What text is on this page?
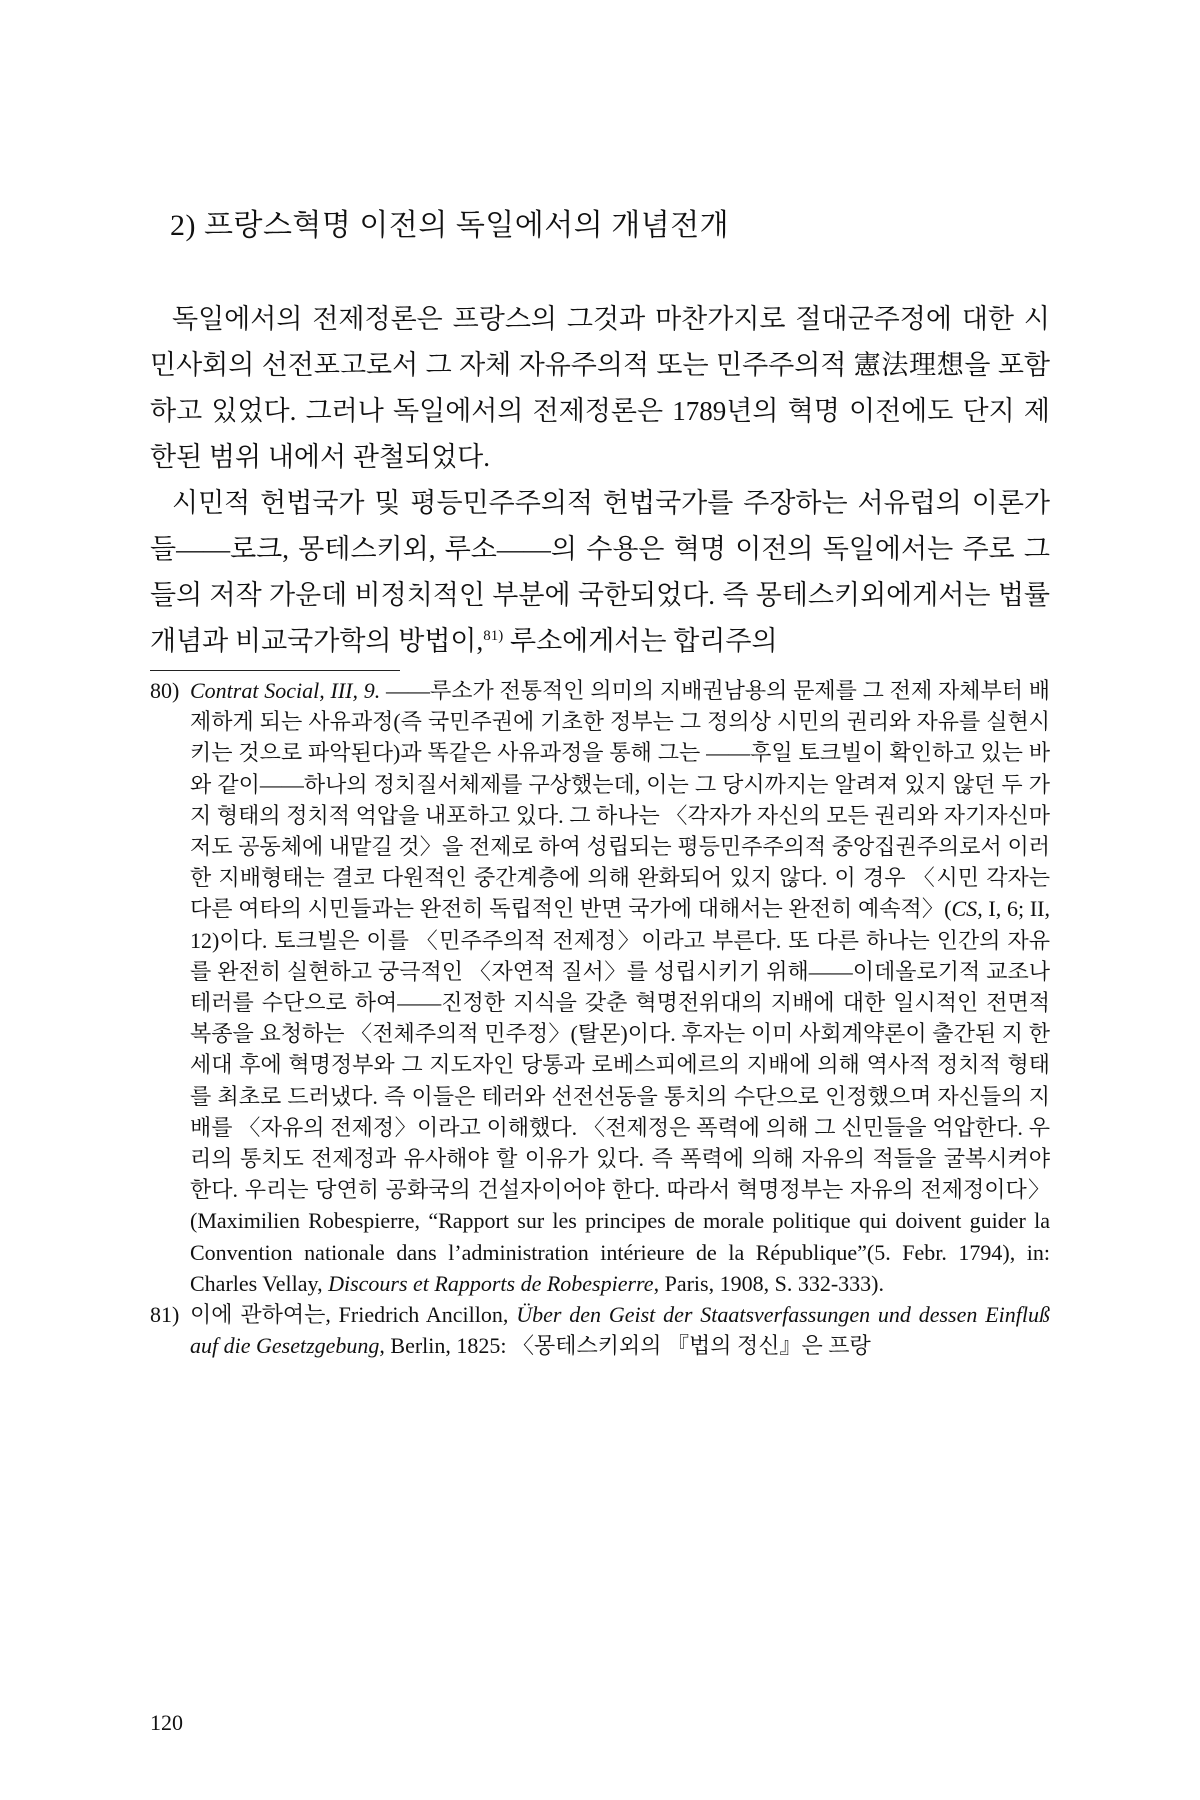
2) 프랑스혁명 이전의 독일에서의 개념전개

독일에서의 전제정론은 프랑스의 그것과 마찬가지로 절대군주정에 대한 시민사회의 선전포고로서 그 자체 자유주의적 또는 민주주의적 憲法理想을 포함하고 있었다. 그러나 독일에서의 전제정론은 1789년의 혁명 이전에도 단지 제한된 범위 내에서 관철되었다.

시민적 헌법국가 및 평등민주주의적 헌법국가를 주장하는 서유럽의 이론가들――로크, 몽테스키외, 루소――의 수용은 혁명 이전의 독일에서는 주로 그들의 저작 가운데 비정치적인 부분에 국한되었다. 즉 몽테스키외에게서는 법률개념과 비교국가학의 방법이,$^{81)}$ 루소에게서는 합리주의

80) Contrat Social, III, 9. ――루소가 전통적인 의미의 지배권남용의 문제를 그 전제 자체부터 배제하게 되는 사유과정(즉 국민주권에 기초한 정부는 그 정의상 시민의 권리와 자유를 실현시키는 것으로 파악된다)과 똑같은 사유과정을 통해 그는 ――후일 토크빌이 확인하고 있는 바와 같이――하나의 정치질서체제를 구상했는데, 이는 그 당시까지는 알려져 있지 않던 두 가지 형태의 정치적 억압을 내포하고 있다. 그 하나는 〈각자가 자신의 모든 권리와 자기자신마저도 공동체에 내맡길 것〉을 전제로 하여 성립되는 평등민주주의적 중앙집권주의로서 이러한 지배형태는 결코 다원적인 중간계층에 의해 완화되어 있지 않다. 이 경우 〈시민 각자는 다른 여타의 시민들과는 완전히 독립적인 반면 국가에 대해서는 완전히 예속적〉(CS, I, 6; II, 12)이다. 토크빌은 이를 〈민주주의적 전제정〉이라고 부른다. 또 다른 하나는 인간의 자유를 완전히 실현하고 궁극적인 〈자연적 질서〉를 성립시키기 위해――이데올로기적 교조나 테러를 수단으로 하여――진정한 지식을 갖춘 혁명전위대의 지배에 대한 일시적인 전면적 복종을 요청하는 〈전체주의적 민주정〉(탈몬)이다. 후자는 이미 사회계약론이 출간된 지 한 세대 후에 혁명정부와 그 지도자인 당통과 로베스피에르의 지배에 의해 역사적 정치적 형태를 최초로 드러냈다. 즉 이들은 테러와 선전선동을 통치의 수단으로 인정했으며 자신들의 지배를 〈자유의 전제정〉이라고 이해했다. 〈전제정은 폭력에 의해 그 신민들을 억압한다. 우리의 통치도 전제정과 유사해야 할 이유가 있다. 즉 폭력에 의해 자유의 적들을 굴복시켜야 한다. 우리는 당연히 공화국의 건설자이어야 한다. 따라서 혁명정부는 자유의 전제정이다〉(Maximilien Robespierre, “Rapport sur les principes de morale politique qui doivent guider la Convention nationale dans l’administration intérieure de la République”(5. Febr. 1794), in: Charles Vellay, Discours et Rapports de Robespierre, Paris, 1908, S. 332-333).
81) 이에 관하여는, Friedrich Ancillon, Über den Geist der Staatsverfassungen und dessen Einfluß auf die Gesetzgebung, Berlin, 1825: 〈몽테스키외의 『법의 정신』은 프랑
120
